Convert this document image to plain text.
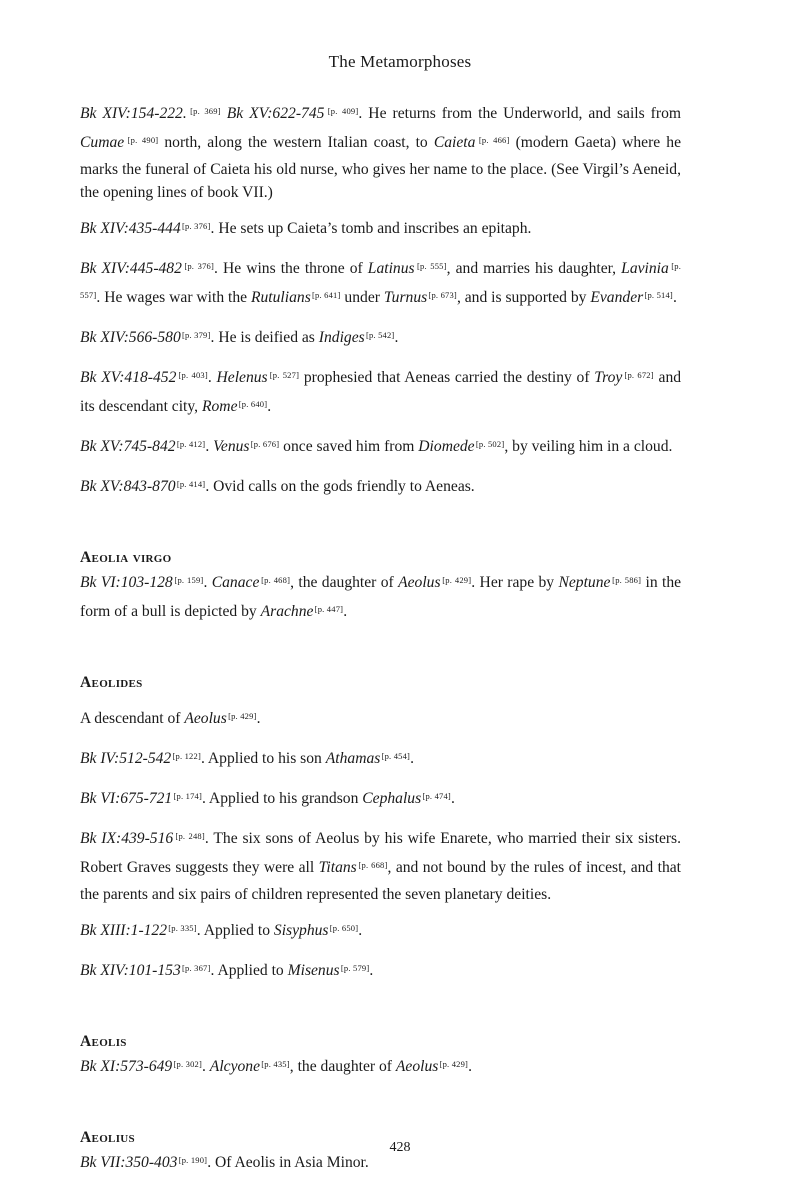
The Metamorphoses

Bk XIV:154-222. [p. 369] Bk XV:622-745 [p. 409]. He returns from the Underworld, and sails from Cumae [p. 490] north, along the western Italian coast, to Caieta [p. 466] (modern Gaeta) where he marks the funeral of Caieta his old nurse, who gives her name to the place. (See Virgil’s Aeneid, the opening lines of book VII.)

Bk XIV:435-444 [p. 376]. He sets up Caieta’s tomb and inscribes an epitaph.

Bk XIV:445-482 [p. 376]. He wins the throne of Latinus [p. 555], and marries his daughter, Lavinia [p. 557]. He wages war with the Rutulians [p. 641] under Turnus [p. 673], and is supported by Evander [p. 514].

Bk XIV:566-580 [p. 379]. He is deified as Indiges [p. 542].

Bk XV:418-452 [p. 403]. Helenus [p. 527] prophesied that Aeneas carried the destiny of Troy [p. 672] and its descendant city, Rome [p. 640].

Bk XV:745-842 [p. 412]. Venus [p. 676] once saved him from Diomede [p. 502], by veiling him in a cloud.

Bk XV:843-870 [p. 414]. Ovid calls on the gods friendly to Aeneas.

Aeolia virgo

Bk VI:103-128 [p. 159]. Canace [p. 468], the daughter of Aeolus [p. 429]. Her rape by Neptune [p. 586] in the form of a bull is depicted by Arachne [p. 447].

Aeolides

A descendant of Aeolus [p. 429].

Bk IV:512-542 [p. 122]. Applied to his son Athamas [p. 454].

Bk VI:675-721 [p. 174]. Applied to his grandson Cephalus [p. 474].

Bk IX:439-516 [p. 248]. The six sons of Aeolus by his wife Enarete, who married their six sisters. Robert Graves suggests they were all Titans [p. 668], and not bound by the rules of incest, and that the parents and six pairs of children represented the seven planetary deities.

Bk XIII:1-122 [p. 335]. Applied to Sisyphus [p. 650].

Bk XIV:101-153 [p. 367]. Applied to Misenus [p. 579].

Aeolis

Bk XI:573-649 [p. 302]. Alcyone [p. 435], the daughter of Aeolus [p. 429].

Aeolius

Bk VII:350-403 [p. 190]. Of Aeolis in Asia Minor.

428
